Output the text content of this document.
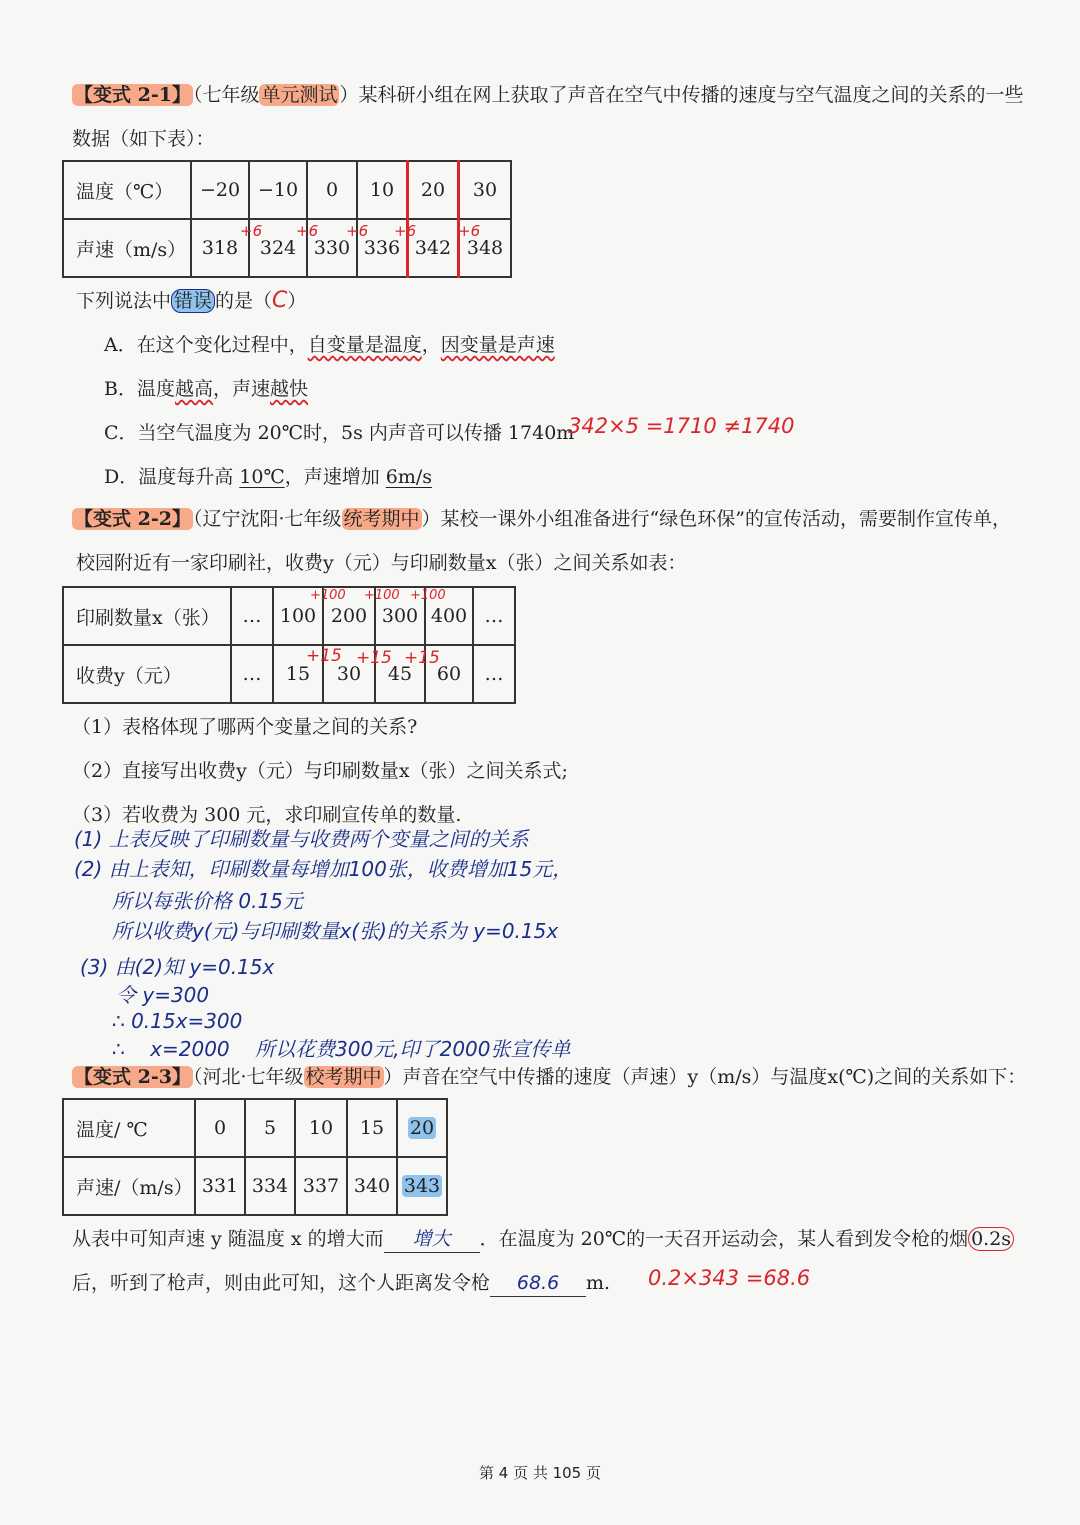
【变式 2-1】 （七年级 单元测试 ）某科研小组在网上获取了声音在空气中传播的速度与空气温度之间的关系的一些
数据（如下表）：
温度（℃）	−20	−10	0	10	20	30
声速（m/s）	318	324	330	336	342	348
+6 +6 +6 +6	+6
下列说法中 错误 的是（C）
A．在这个变化过程中，自变量是温度，因变量是声速
B．温度越高，声速越快
C．当空气温度为 20℃时，5s 内声音可以传播 1740m
342×5 =1710 ≠1740
D．温度每升高 10℃，声速增加 6m/s
【变式 2-2】 （辽宁沈阳·七年级 统考期中 ）某校一课外小组准备进行“绿色环保”的宣传活动，需要制作宣传单，
校园附近有一家印刷社，收费y（元）与印刷数量x（张）之间关系如表：
印刷数量x（张）	…	100	200	300	400	…
收费y（元）	…	15	30	45	60	…
+100 +100 +100
+15 +15 +15
（1）表格体现了哪两个变量之间的关系?
（2）直接写出收费y（元）与印刷数量x（张）之间关系式;
（3）若收费为 300 元，求印刷宣传单的数量.
(1) 上表反映了印刷数量与收费两个变量之间的关系
(2) 由上表知，印刷数量每增加100张，收费增加15元，
所以每张价格 0.15元
所以收费y(元)与印刷数量x(张)的关系为 y=0.15x
(3) 由(2)知 y=0.15x
令 y=300
∴ 0.15x=300
∴    x=2000    所以花费300元,印了2000张宣传单
【变式 2-3】 （河北·七年级 校考期中 ）声音在空气中传播的速度（声速）y（m/s）与温度x(℃)之间的关系如下：
温度/ ℃	0	5	10	15	20
声速/（m/s）	331	334	337	340	343
从表中可知声速 y 随温度 x 的增大而 增大 ．在温度为 20℃的一天召开运动会，某人看到发令枪的烟 0.2s
后，听到了枪声，则由此可知，这个人距离发令枪 68.6 m. 0.2×343 =68.6
第 4 页 共 105 页
